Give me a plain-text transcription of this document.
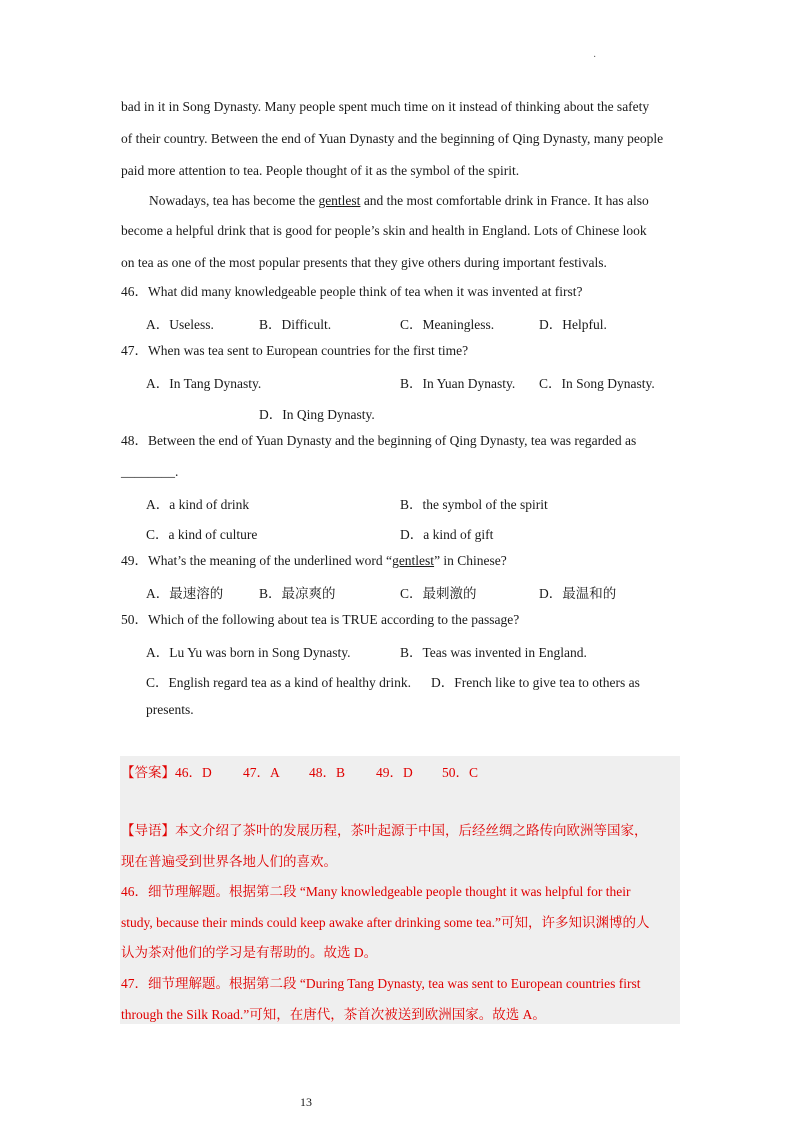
·
bad in it in Song Dynasty. Many people spent much time on it instead of thinking about the safety
of their country. Between the end of Yuan Dynasty and the beginning of Qing Dynasty, many people
paid more attention to tea. People thought of it as the symbol of the spirit.
Nowadays, tea has become the gentlest and the most comfortable drink in France. It has also
become a helpful drink that is good for people’s skin and health in England. Lots of Chinese look
on tea as one of the most popular presents that they give others during important festivals.
46．What did many knowledgeable people think of tea when it was invented at first?
A．Useless.	B．Difficult.	C．Meaningless.	D．Helpful.
47．When was tea sent to European countries for the first time?
A．In Tang Dynasty.	B．In Yuan Dynasty. C．In Song Dynasty.
D．In Qing Dynasty.
48．Between the end of Yuan Dynasty and the beginning of Qing Dynasty, tea was regarded as
________.
A．a kind of drink	B．the symbol of the spirit
C．a kind of culture	D．a kind of gift
49．What’s the meaning of the underlined word “gentlest” in Chinese?
A．最速溶的	B．最凉爽的	C．最刺激的	D．最温和的
50．Which of the following about tea is TRUE according to the passage?
A．Lu Yu was born in Song Dynasty.	B．Teas was invented in England.
C．English regard tea as a kind of healthy drink. D．French like to give tea to others as
presents.
【答案】46．D 47．A 48．B 49．D 50．C
【导语】本文介绍了茶叶的发展历程，茶叶起源于中国，后经丝绸之路传向欧洲等国家，
现在普遍受到世界各地人们的喜欢。
46．细节理解题。根据第二段 “Many knowledgeable people thought it was helpful for their
study, because their minds could keep awake after drinking some tea.”可知，许多知识渊博的人
认为茶对他们的学习是有帮助的。故选 D。
47．细节理解题。根据第二段 “During Tang Dynasty, tea was sent to European countries first
through the Silk Road.”可知，在唐代，茶首次被送到欧洲国家。故选 A。
13
